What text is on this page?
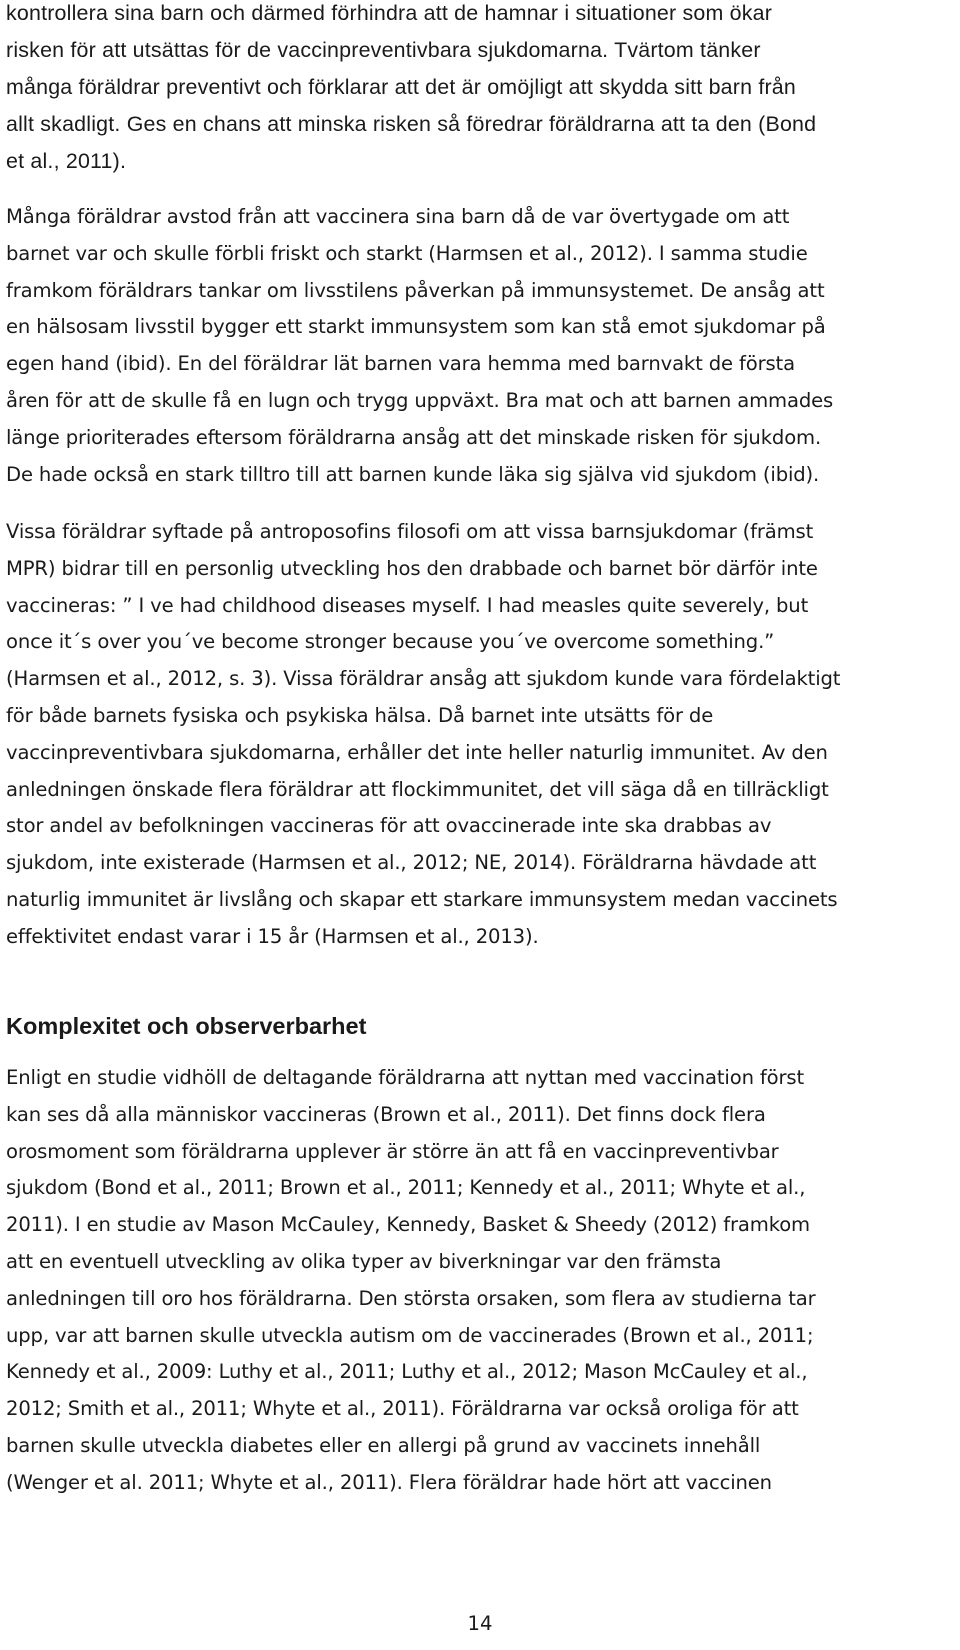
kontrollera sina barn och därmed förhindra att de hamnar i situationer som ökar
risken för att utsättas för de vaccinpreventivbara sjukdomarna. Tvärtom tänker
många föräldrar preventivt och förklarar att det är omöjligt att skydda sitt barn från
allt skadligt. Ges en chans att minska risken så föredrar föräldrarna att ta den (Bond
et al., 2011).
Många föräldrar avstod från att vaccinera sina barn då de var övertygade om att
barnet var och skulle förbli friskt och starkt (Harmsen et al., 2012). I samma studie
framkom föräldrars tankar om livsstilens påverkan på immunsystemet. De ansåg att
en hälsosam livsstil bygger ett starkt immunsystem som kan stå emot sjukdomar på
egen hand (ibid). En del föräldrar lät barnen vara hemma med barnvakt de första
åren för att de skulle få en lugn och trygg uppväxt. Bra mat och att barnen ammades
länge prioriterades eftersom föräldrarna ansåg att det minskade risken för sjukdom.
De hade också en stark tilltro till att barnen kunde läka sig själva vid sjukdom (ibid).
Vissa föräldrar syftade på antroposofins filosofi om att vissa barnsjukdomar (främst
MPR) bidrar till en personlig utveckling hos den drabbade och barnet bör därför inte
vaccineras: ” I ve had childhood diseases myself. I had measles quite severely, but
once it´s over you´ve become stronger because you´ve overcome something.”
(Harmsen et al., 2012, s. 3). Vissa föräldrar ansåg att sjukdom kunde vara fördelaktigt
för både barnets fysiska och psykiska hälsa. Då barnet inte utsätts för de
vaccinpreventivbara sjukdomarna, erhåller det inte heller naturlig immunitet. Av den
anledningen önskade flera föräldrar att flockimmunitet, det vill säga då en tillräckligt
stor andel av befolkningen vaccineras för att ovaccinerade inte ska drabbas av
sjukdom, inte existerade (Harmsen et al., 2012; NE, 2014). Föräldrarna hävdade att
naturlig immunitet är livslång och skapar ett starkare immunsystem medan vaccinets
effektivitet endast varar i 15 år (Harmsen et al., 2013).
Komplexitet och observerbarhet
Enligt en studie vidhöll de deltagande föräldrarna att nyttan med vaccination först
kan ses då alla människor vaccineras (Brown et al., 2011). Det finns dock flera
orosmoment som föräldrarna upplever är större än att få en vaccinpreventivbar
sjukdom (Bond et al., 2011; Brown et al., 2011; Kennedy et al., 2011; Whyte et al.,
2011). I en studie av Mason McCauley, Kennedy, Basket & Sheedy (2012) framkom
att en eventuell utveckling av olika typer av biverkningar var den främsta
anledningen till oro hos föräldrarna. Den största orsaken, som flera av studierna tar
upp, var att barnen skulle utveckla autism om de vaccinerades (Brown et al., 2011;
Kennedy et al., 2009: Luthy et al., 2011; Luthy et al., 2012; Mason McCauley et al.,
2012; Smith et al., 2011; Whyte et al., 2011). Föräldrarna var också oroliga för att
barnen skulle utveckla diabetes eller en allergi på grund av vaccinets innehåll
(Wenger et al. 2011; Whyte et al., 2011). Flera föräldrar hade hört att vaccinen
14
